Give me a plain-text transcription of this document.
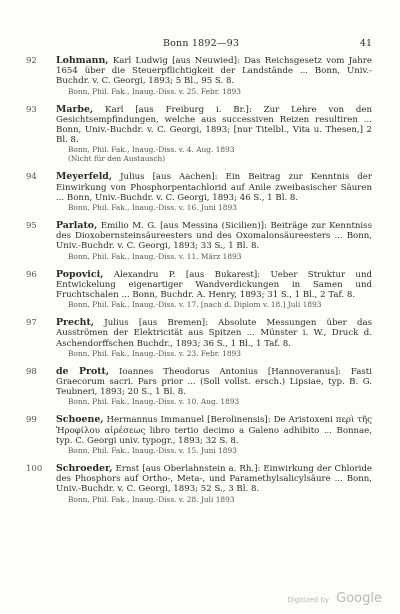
Bonn 1892—93	41
92 Lohmann, Karl Ludwig [aus Neuwied]: Das Reichsgesetz vom Jahre 1654 über die Steuerpflichtigkeit der Landstände ... Bonn, Univ.-Buchdr. v. C. Georgi, 1893; 5 Bl., 95 S. 8.

Bonn, Phil. Fak., Inaug.-Diss. v. 25. Febr. 1893

93 Marbe, Karl [aus Freiburg i. Br.]: Zur Lehre von den Gesichtsempfindungen, welche aus successiven Reizen resultiren ... Bonn, Univ.-Buchdr. v. C. Georgi, 1893; [nur Titelbl., Vita u. Thesen,] 2 Bl. 8.

Bonn, Phil. Fak., Inaug.-Diss. v. 4. Aug. 1893

(Nicht für den Austausch)

94 Meyerfeld, Julius [aus Aachen]: Ein Beitrag zur Kenntnis der Einwirkung von Phosphorpentachlorid auf Anile zweibasischer Säuren ... Bonn, Univ.-Buchdr. v. C. Georgi, 1893; 46 S., 1 Bl. 8.

Bonn, Phil. Fak., Inaug.-Diss. v. 16. Juni 1893

95 Parlato, Emilio M. G. [aus Messina (Sicilien)]: Beiträge zur Kenntniss des Dioxobernsteinsäureesters und des Oxomalonsäureesters ... Bonn, Univ.-Buchdr. v. C. Georgi, 1893; 33 S., 1 Bl. 8.

Bonn, Phil. Fak., Inaug.-Diss. v. 11. März 1893

96 Popovici, Alexandru P. [aus Bukarest]: Ueber Struktur und Entwickelung eigenartiger Wandverdickungen in Samen und Fruchtschalen ... Bonn, Buchdr. A. Henry, 1893; 31 S., 1 Bl., 2 Taf. 8.

Bonn, Phil. Fak., Inaug.-Diss. v. 17. [nach d. Diplom v. 18.] Juli 1893

97 Precht, Julius [aus Bremen]: Absolute Messungen über das Ausströmen der Elektricität aus Spitzen ... Münster i. W., Druck d. Aschendorffschen Buchdr., 1893; 36 S., 1 Bl., 1 Taf. 8.

Bonn, Phil. Fak., Inaug.-Diss. v. 23. Febr. 1893

98 de Prott, Ioannes Theodorus Antonius [Hannoveranus]: Fasti Graecorum sacri. Pars prior ... (Soll vollst. ersch.) Lipsiae, typ. B. G. Teubneri, 1893; 20 S., 1 Bl. 8.

Bonn, Phil. Fak., Inaug.-Diss. v. 10. Aug. 1893

99 Schoene, Hermannus Immanuel [Berolinensis]: De Aristoxeni περὶ τῆς Ἡροφίλου αἱρέσεως libro tertio decimo a Galeno adhibito ... Bonnae, typ. C. Georgi univ. typogr., 1893; 32 S. 8.

Bonn, Phil. Fak., Inaug.-Diss. v. 15. Juni 1893

100 Schroeder, Ernst [aus Oberlahnstein a. Rh.]: Einwirkung der Chloride des Phosphors auf Ortho-, Meta-, und Paramethylsalicylsäure ... Bonn, Univ.-Buchdr. v. C. Georgi, 1893; 52 S., 3 Bl. 8.

Bonn, Phil. Fak., Inaug.-Diss. v. 28. Juli 1893

Digitized by Google
